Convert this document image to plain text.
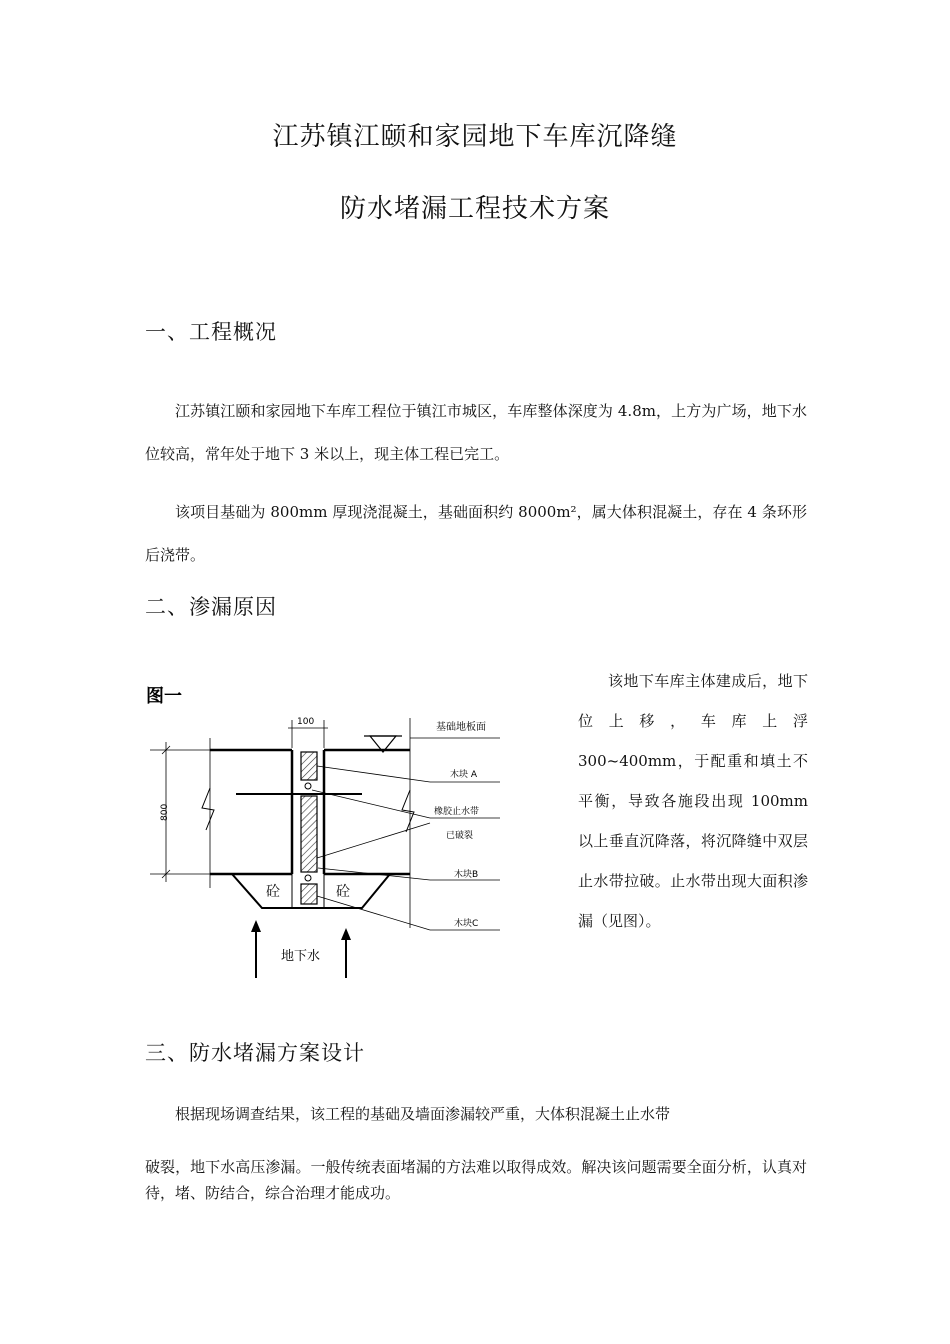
江苏镇江颐和家园地下车库沉降缝
防水堵漏工程技术方案
一、工程概况
江苏镇江颐和家园地下车库工程位于镇江市城区，车库整体深度为 4.8m，上方为广场，地下水位较高，常年处于地下 3 米以上，现主体工程已完工。
该项目基础为 800mm 厚现浇混凝土，基础面积约 8000m²，属大体积混凝土，存在 4 条环形后浇带。
二、渗漏原因
图一
100
800
砼	砼
基础地板面
木块 A
橡胶止水带
已破裂
木块B
木块C
地下水
该地下车库主体建成后，地下位上移，车库上浮 300~400mm，于配重和填土不平衡，导致各施段出现 100mm 以上垂直沉降落，将沉降缝中双层止水带拉破。止水带出现大面积渗漏（见图）。
三、防水堵漏方案设计
根据现场调查结果，该工程的基础及墙面渗漏较严重，大体积混凝土止水带
破裂，地下水高压渗漏。一般传统表面堵漏的方法难以取得成效。解决该问题需要全面分析，认真对待，堵、防结合，综合治理才能成功。
